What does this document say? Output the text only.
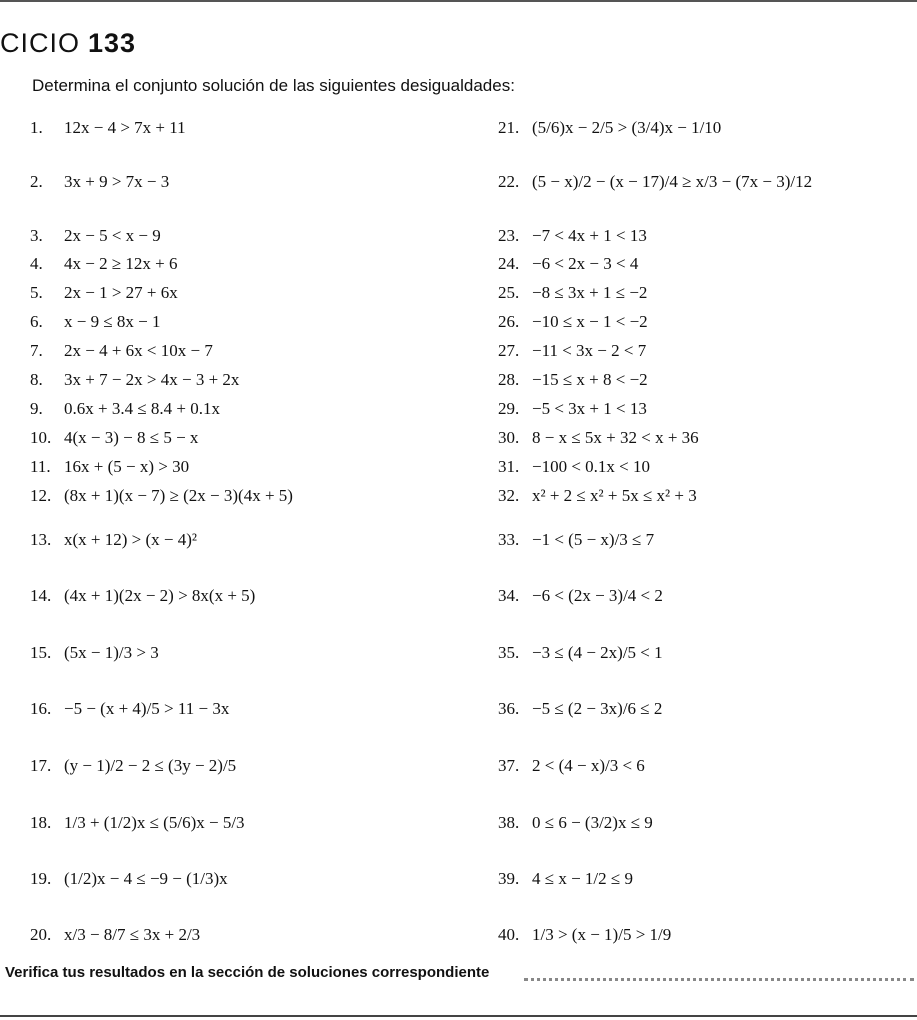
CICIO 133
Determina el conjunto solución de las siguientes desigualdades:
1. 12x − 4 > 7x + 11
2. 3x + 9 > 7x − 3
3. 2x − 5 < x − 9
4. 4x − 2 ≥ 12x + 6
5. 2x − 1 > 27 + 6x
6. x − 9 ≤ 8x − 1
7. 2x − 4 + 6x < 10x − 7
8. 3x + 7 − 2x > 4x − 3 + 2x
9. 0.6x + 3.4 ≤ 8.4 + 0.1x
10. 4(x − 3) − 8 ≤ 5 − x
11. 16x + (5 − x) > 30
12. (8x + 1)(x − 7) ≥ (2x − 3)(4x + 5)
13. x(x + 12) > (x − 4)²
14. (4x + 1)(2x − 2) > 8x(x + 5)
15. (5x − 1)/3 > 3
16. −5 − (x + 4)/5 > 11 − 3x
17. (y − 1)/2 − 2 ≤ (3y − 2)/5
18. 1/3 + (1/2)x ≤ (5/6)x − 5/3
19. (1/2)x − 4 ≤ −9 − (1/3)x
20. x/3 − 8/7 ≤ 3x + 2/3
21. (5/6)x − 2/5 > (3/4)x − 1/10
22. (5 − x)/2 − (x − 17)/4 ≥ x/3 − (7x − 3)/12
23. −7 < 4x + 1 < 13
24. −6 < 2x − 3 < 4
25. −8 ≤ 3x + 1 ≤ −2
26. −10 ≤ x − 1 < −2
27. −11 < 3x − 2 < 7
28. −15 ≤ x + 8 < −2
29. −5 < 3x + 1 < 13
30. 8 − x ≤ 5x + 32 < x + 36
31. −100 < 0.1x < 10
32. x² + 2 ≤ x² + 5x ≤ x² + 3
33. −1 < (5 − x)/3 ≤ 7
34. −6 < (2x − 3)/4 < 2
35. −3 ≤ (4 − 2x)/5 < 1
36. −5 ≤ (2 − 3x)/6 ≤ 2
37. 2 < (4 − x)/3 < 6
38. 0 ≤ 6 − (3/2)x ≤ 9
39. 4 ≤ x − 1/2 ≤ 9
40. 1/3 > (x − 1)/5 > 1/9
Verifica tus resultados en la sección de soluciones correspondiente
